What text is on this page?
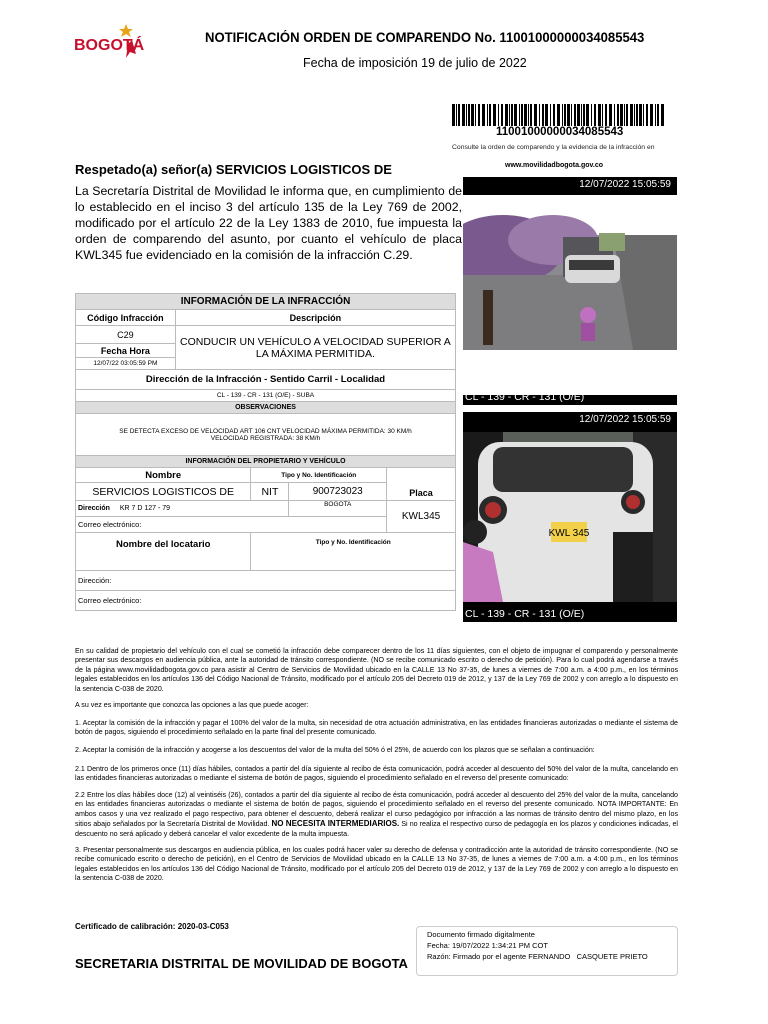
BOGOTÁ	NOTIFICACIÓN ORDEN DE COMPARENDO No. 11001000000034085543
Fecha de imposición 19 de julio de 2022
11001000000034085543
Consulte la orden de comparendo y la evidencia de la infracción en
www.movilidadbogota.gov.co
Respetado(a) señor(a) SERVICIOS LOGISTICOS DE
La Secretaría Distrital de Movilidad le informa que, en cumplimiento de lo establecido en el inciso 3 del artículo 135 de la Ley 769 de 2002, modificado por el artículo 22 de la Ley 1383 de 2010, fue impuesta la orden de comparendo del asunto, por cuanto el vehículo de placa KWL345 fue evidenciado en la comisión de la infracción C.29.
12/07/2022 15:05:59
CL - 139 - CR - 131 (O/E)
12/07/2022 15:05:59
KWL 345
CL - 139 - CR - 131 (O/E)
INFORMACIÓN DE LA INFRACCIÓN				
Código Infracción	Descripción			
C29	CONDUCIR UN VEHÍCULO A VELOCIDAD SUPERIOR A LA MÁXIMA PERMITIDA.			
Fecha Hora				
12/07/22 03:05:59 PM				
Dirección de la Infracción - Sentido Carril - Localidad				
CL - 139 - CR - 131 (O/E) - SUBA				
OBSERVACIONES				

SE DETECTA EXCESO DE VELOCIDAD ART 106 CNT VELOCIDAD MÁXIMA PERMITIDA: 30 KM/h
VELOCIDAD REGISTRADA: 38 KM/h				

INFORMACIÓN DEL PROPIETARIO Y VEHÍCULO				
Nombre		Tipo y No. Identificación		Placa
SERVICIOS LOGISTICOS DE		NIT	900723023	
Dirección KR 7 D 127 - 79			BOGOTA	KWL345
Correo electrónico:				
Nombre del locatario		Tipo y No. Identificación		
Dirección:				
Correo electrónico:				
En su calidad de propietario del vehículo con el cual se cometió la infracción debe comparecer dentro de los 11 días siguientes, con el objeto de impugnar el comparendo y personalmente presentar sus descargos en audiencia pública, ante la autoridad de tránsito correspondiente. (NO se recibe comunicado escrito o derecho de petición). Para lo cual podrá agendarse a través de la página www.movilidadbogota.gov.co para asistir al Centro de Servicios de Movilidad ubicado en la CALLE 13 No 37-35, de lunes a viernes de 7:00 a.m. a 4:00 p.m., en los términos legales establecidos en los artículos 136 del Código Nacional de Tránsito, modificado por el artículo 205 del Decreto 019 de 2012, y 137 de la Ley 769 de 2002 y con arreglo a lo dispuesto en la sentencia C-038 de 2020.
A su vez es importante que conozca las opciones a las que puede acoger:
1. Aceptar la comisión de la infracción y pagar el 100% del valor de la multa, sin necesidad de otra actuación administrativa, en las entidades financieras autorizadas o mediante el sistema de botón de pagos, siguiendo el procedimiento señalado en la parte final del presente comunicado.
2. Aceptar la comisión de la infracción y acogerse a los descuentos del valor de la multa del 50% ó el 25%, de acuerdo con los plazos que se señalan a continuación:
2.1 Dentro de los primeros once (11) días hábiles, contados a partir del día siguiente al recibo de ésta comunicación, podrá acceder al descuento del 50% del valor de la multa, cancelando en las entidades financieras autorizadas o mediante el sistema de botón de pagos, siguiendo el procedimiento señalado en el reverso del presente comunicado:
2.2 Entre los días hábiles doce (12) al veintiséis (26), contados a partir del día siguiente al recibo de ésta comunicación, podrá acceder al descuento del 25% del valor de la multa, cancelando en las entidades financieras autorizadas o mediante el sistema de botón de pagos, siguiendo el procedimiento señalado en el reverso del presente comunicado. NOTA IMPORTANTE: En ambos casos y una vez realizado el pago respectivo, para obtener el descuento, deberá realizar el curso pedagógico por infracción a las normas de tránsito dentro del mismo plazo, en los sitios abajo señalados por la Secretaría Distrital de Movilidad. NO NECESITA INTERMEDIARIOS. Si no realiza el respectivo curso de pedagogía en los plazos y condiciones indicadas, el descuento no será aplicado y deberá cancelar el valor excedente de la multa impuesta.
3. Presentar personalmente sus descargos en audiencia pública, en los cuales podrá hacer valer su derecho de defensa y contradicción ante la autoridad de tránsito correspondiente. (NO se recibe comunicado escrito o derecho de petición), en el Centro de Servicios de Movilidad ubicado en la CALLE 13 No 37-35, de lunes a viernes de 7:00 a.m. a 4:00 p.m., en los términos legales establecidos en los artículos 136 del Código Nacional de Tránsito, modificado por el artículo 205 del Decreto 019 de 2012, y 137 de la Ley 769 de 2002 y con arreglo a lo dispuesto en la sentencia C-038 de 2020.
Certificado de calibración: 2020-03-C053
SECRETARIA DISTRITAL DE MOVILIDAD DE BOGOTA
Documento firmado digitalmente
Fecha: 19/07/2022 1:34:21 PM COT
Razón: Firmado por el agente FERNANDO   CASQUETE PRIETO
